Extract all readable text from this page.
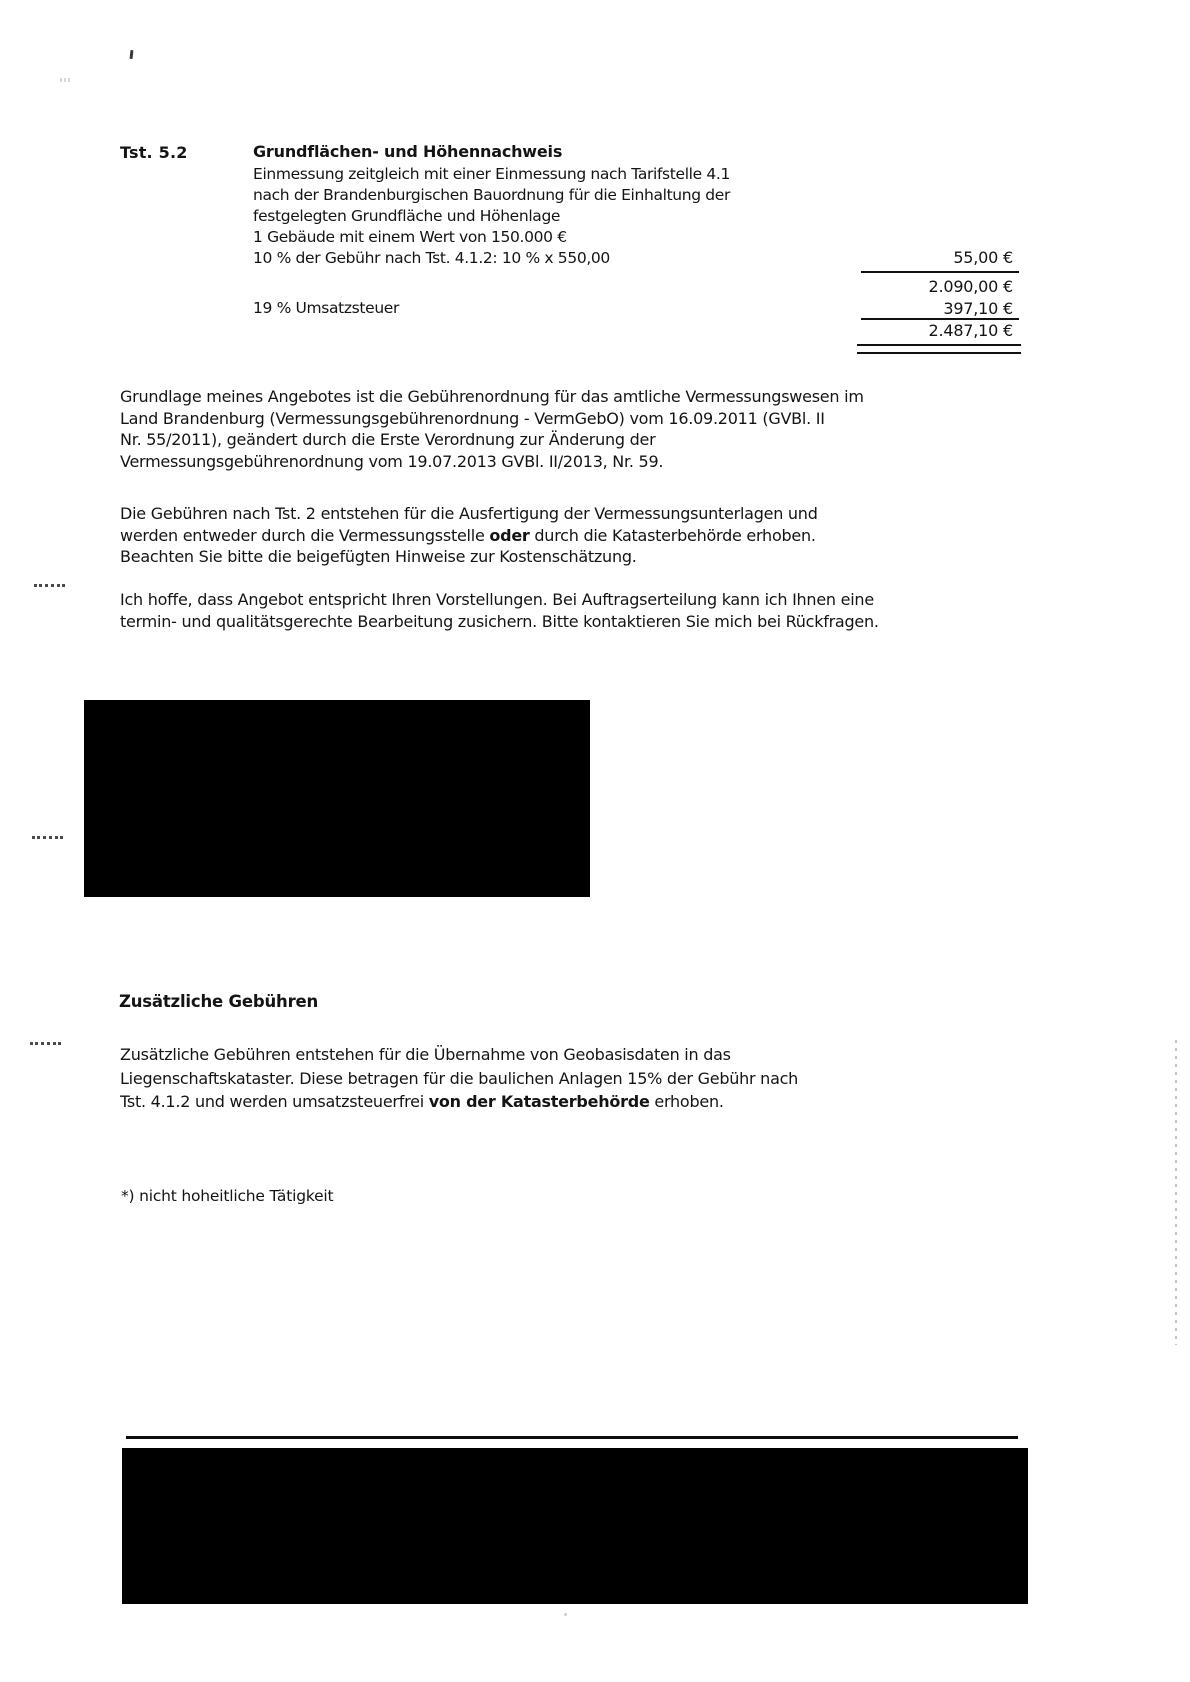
Tst. 5.2	Grundflächen- und Höhennachweis
Einmessung zeitgleich mit einer Einmessung nach Tarifstelle 4.1
nach der Brandenburgischen Bauordnung für die Einhaltung der
festgelegten Grundfläche und Höhenlage
1 Gebäude mit einem Wert von 150.000 €
10 % der Gebühr nach Tst. 4.1.2: 10 % x 550,00	55,00 €
2.090,00 €
19 % Umsatzsteuer	397,10 €
2.487,10 €
Grundlage meines Angebotes ist die Gebührenordnung für das amtliche Vermessungswesen im
Land Brandenburg (Vermessungsgebührenordnung - VermGebO) vom 16.09.2011 (GVBl. II
Nr. 55/2011), geändert durch die Erste Verordnung zur Änderung der
Vermessungsgebührenordnung vom 19.07.2013 GVBl. II/2013, Nr. 59.
Die Gebühren nach Tst. 2 entstehen für die Ausfertigung der Vermessungsunterlagen und
werden entweder durch die Vermessungsstelle oder durch die Katasterbehörde erhoben.
Beachten Sie bitte die beigefügten Hinweise zur Kostenschätzung.
Ich hoffe, dass Angebot entspricht Ihren Vorstellungen. Bei Auftragserteilung kann ich Ihnen eine
termin- und qualitätsgerechte Bearbeitung zusichern. Bitte kontaktieren Sie mich bei Rückfragen.
Zusätzliche Gebühren
Zusätzliche Gebühren entstehen für die Übernahme von Geobasisdaten in das
Liegenschaftskataster. Diese betragen für die baulichen Anlagen 15% der Gebühr nach
Tst. 4.1.2 und werden umsatzsteuerfrei von der Katasterbehörde erhoben.
*) nicht hoheitliche Tätigkeit
